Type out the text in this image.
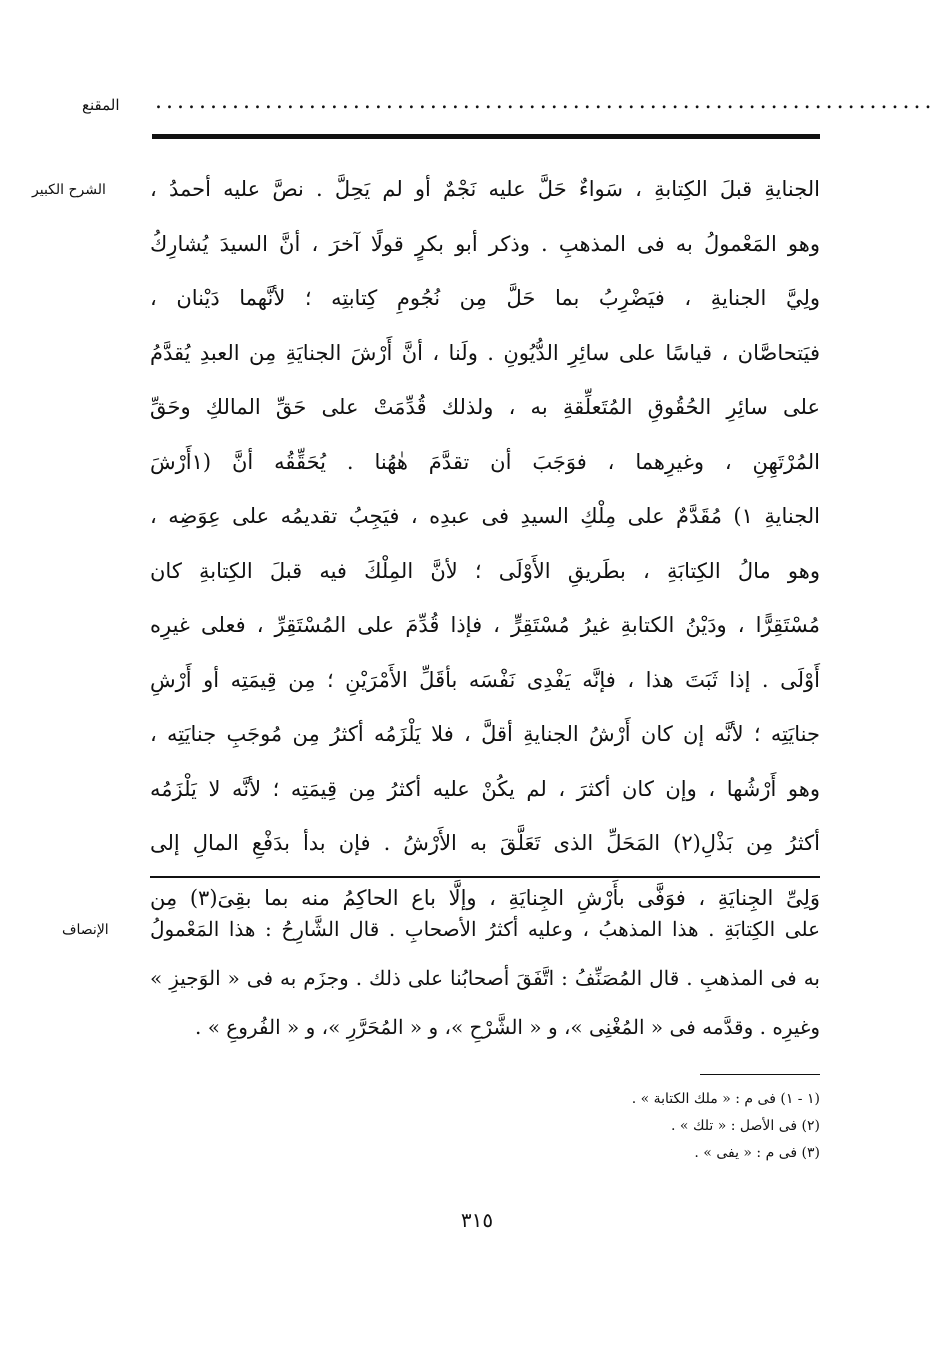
المقنع .......................................................................
الشرح الكبير الجنايةِ قبلَ الكِتابةِ ، سَواءٌ حَلَّ عليه نَجْمٌ أو لم يَحِلَّ . نصَّ عليه أحمدُ ،
وهو المَعْمولُ به فى المذهبِ . وذكر أبو بكرٍ قولًا آخرَ ، أنَّ السيدَ يُشارِكُ
ولِيَّ الجنايةِ ، فيَضْرِبُ بما حَلَّ مِن نُجُومِ كِتابتِه ؛ لأنَّهما دَيْنان ،
فيَتحاصَّان ، قياسًا على سائِرِ الدُّيُونِ . ولَنا ، أنَّ أَرْشَ الجنايَةِ مِن العبدِ يُقدَّمُ
على سائِرِ الحُقُوقِ المُتَعلِّقةِ به ، ولذلك قُدِّمَتْ على حَقِّ المالكِ وحَقِّ
المُرْتَهِنِ ، وغيرِهما ، فوَجَبَ أن تقدَّمَ هٰهُنا . يُحَقِّقُه أنَّ (١أَرْشَ
الجنايةِ ١) مُقَدَّمٌ على مِلْكِ السيدِ فى عبدِه ، فيَجِبُ تقديمُه على عِوَضِه ،
وهو مالُ الكِتابَةِ ، بطَريقِ الأَوْلَى ؛ لأنَّ المِلْكَ فيه قبلَ الكِتابةِ كان
مُسْتَقِرًّا ، ودَيْنُ الكتابةِ غيرُ مُسْتَقِرٍّ ، فإذا قُدِّمَ على المُسْتَقِرِّ ، فعلى غيرِه
أَوْلَى . إذا ثَبَتَ هذا ، فإنَّه يَفْدِى نَفْسَه بأقَلِّ الأَمْرَيْنِ ؛ مِن قِيمَتِه أو أَرْشِ
جنايَتِه ؛ لأنَّه إن كان أَرْشُ الجنايةِ أقلَّ ، فلا يَلْزَمُه أكثرُ مِن مُوجَبِ جنايَتِه ،
وهو أَرْشُها ، وإن كان أكثرَ ، لم يكُنْ عليه أكثرُ مِن قِيمَتِه ؛ لأنَّه لا يَلْزَمُه
أكثرُ مِن بَذْلِ(٢) المَحَلِّ الذى تَعَلَّقَ به الأَرْشُ . فإن بدأ بدَفْعِ المالِ إلى
وَلِىِّ الجِنايَةِ ، فوَفَّى بأَرْشِ الجِنايَةِ ، وإلَّا باع الحاكِمُ منه بما بقِىَ(٣) مِن
الإنصاف على الكِتابَةِ . هذا المذهبُ ، وعليه أكثرُ الأصحابِ . قال الشَّارِحُ : هذا المَعْمولُ
به فى المذهبِ . قال المُصَنِّفُ : اتَّفَقَ أصحابُنا على ذلك . وجزَم به فى « الوَجيزِ »
وغيرِه . وقدَّمه فى « المُغْنِى »، و « الشَّرْحِ »، و « المُحَرَّرِ »، و « الفُروعِ » .
(١ - ١) فى م : « ملك الكتابة » .
(٢) فى الأصل : « تلك » .
(٣) فى م : « يفى » .
٣١٥
